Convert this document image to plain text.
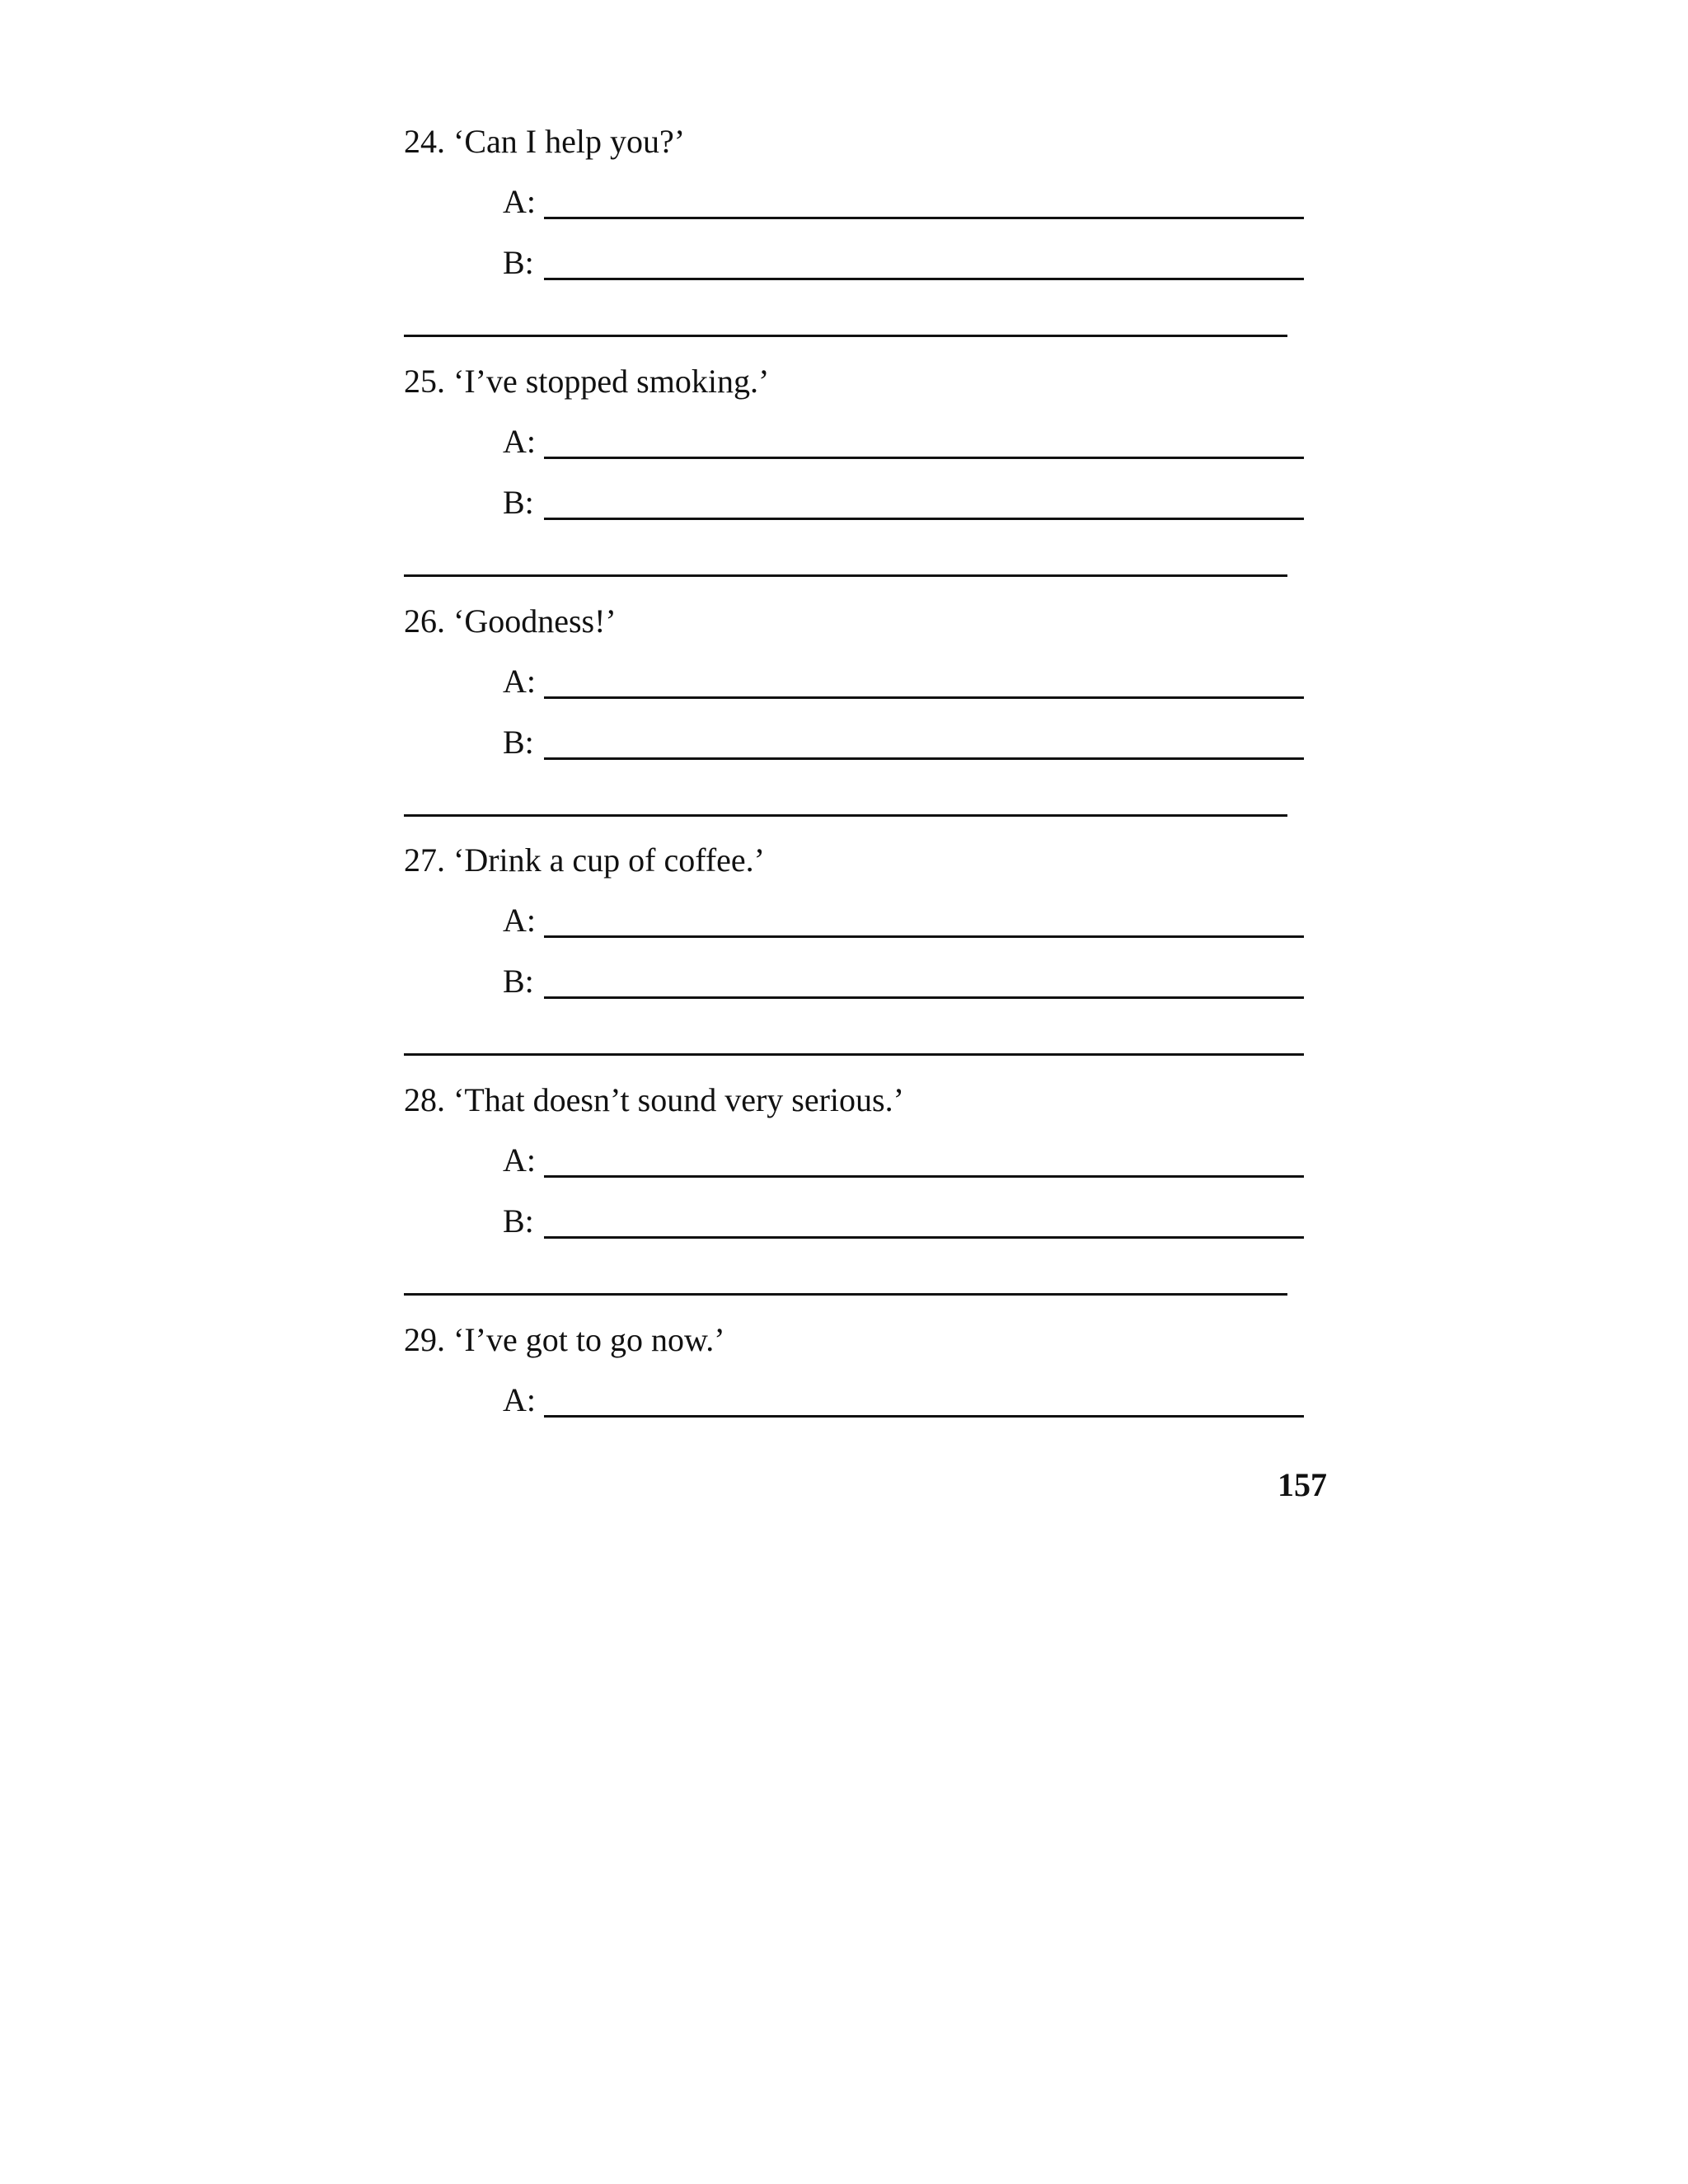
24. ‘Can I help you?’
A:
B:
25. ‘I’ve stopped smoking.’
A:
B:
26. ‘Goodness!’
A:
B:
27. ‘Drink a cup of coffee.’
A:
B:
28. ‘That doesn’t sound very serious.’
A:
B:
29. ‘I’ve got to go now.’
A:
157
